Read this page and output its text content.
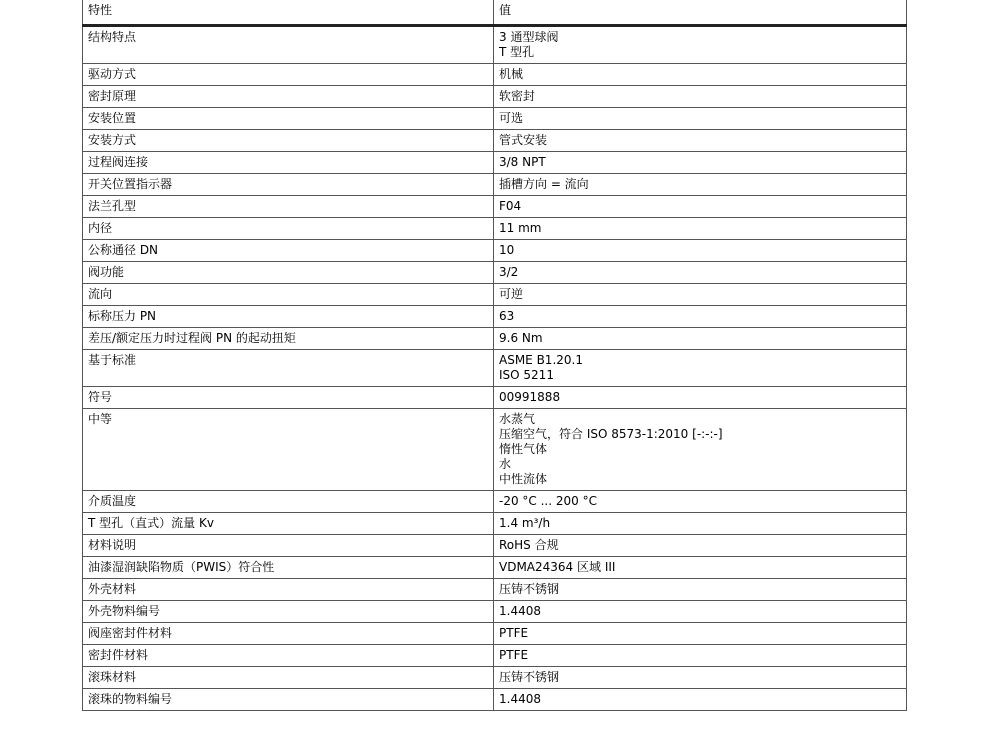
特性	值
结构特点	3 通型球阀
T 型孔

驱动方式	机械

密封原理	软密封

安装位置	可选

安装方式	管式安装

过程阀连接	3/8 NPT

开关位置指示器	插槽方向 = 流向

法兰孔型	F04

内径	11 mm

公称通径 DN	10

阀功能	3/2

流向	可逆

标称压力 PN	63

差压/额定压力时过程阀 PN 的起动扭矩	9.6 Nm

基于标准	ASME B1.20.1
ISO 5211

符号	00991888

中等	水蒸气
压缩空气，符合 ISO 8573-1:2010 [-:-:-]
惰性气体
水
中性流体

介质温度	-20 °C ... 200 °C

T 型孔（直式）流量 Kv	1.4 m³/h

材料说明	RoHS 合规

油漆湿润缺陷物质（PWIS）符合性	VDMA24364 区域 III

外壳材料	压铸不锈钢

外壳物料编号	1.4408

阀座密封件材料	PTFE

密封件材料	PTFE

滚珠材料	压铸不锈钢

滚珠的物料编号	1.4408
